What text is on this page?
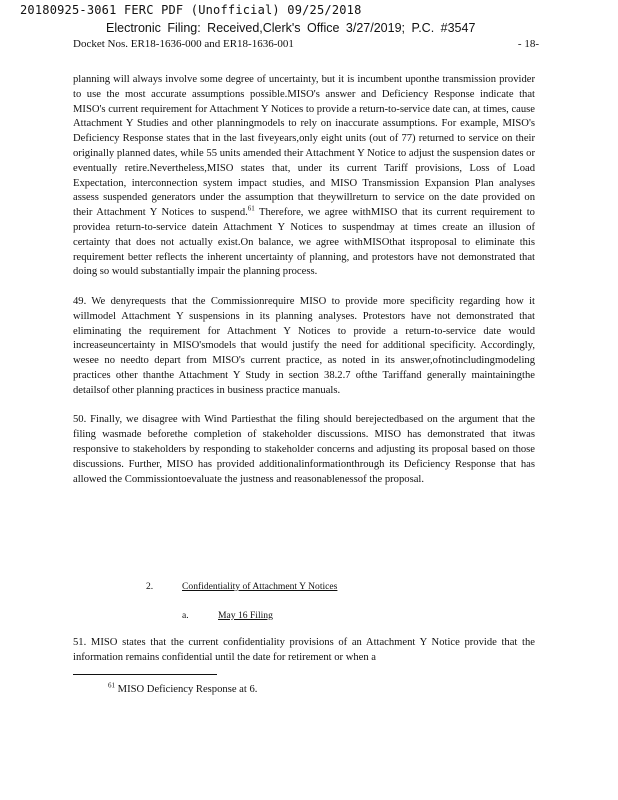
20180925-3061 FERC PDF (Unofficial) 09/25/2018
Electronic Filing: Received,Clerk's Office 3/27/2019; P.C. #3547
Docket Nos. ER18-1636-000 and ER18-1636-001	- 18-

planning will always involve some degree of uncertainty, but it is incumbent uponthe transmission provider to use the most accurate assumptions possible.MISO's answer and Deficiency Response indicate that MISO's current requirement for Attachment Y Notices to provide a return-to-service date can, at times, cause Attachment Y Studies and other planningmodels to rely on inaccurate assumptions. For example, MISO's Deficiency Response states that in the last fiveyears,only eight units (out of 77) returned to service on their originally planned dates, while 55 units amended their Attachment Y Notice to adjust the suspension dates or eventually retire.Nevertheless,MISO states that, under its current Tariff provisions, Loss of Load Expectation, interconnection system impact studies, and MISO Transmission Expansion Plan analyses assess suspended generators under the assumption that theywillreturn to service on the date provided on their Attachment Y Notices to suspend.$^{61}$ Therefore, we agree withMISO that its current requirement to providea return-to-service datein Attachment Y Notices to suspendmay at times create an illusion of certainty that does not actually exist.On balance, we agree withMISOthat itsproposal to eliminate this requirement better reflects the inherent uncertainty of planning, and protestors have not demonstrated that doing so would substantially impair the planning process.

49. We denyrequests that the Commissionrequire MISO to provide more specificity regarding how it willmodel Attachment Y suspensions in its planning analyses. Protestors have not demonstrated that eliminating the requirement for Attachment Y Notices to provide a return-to-service date would increaseuncertainty in MISO'smodels that would justify the need for additional specificity. Accordingly, wesee no needto depart from MISO's current practice, as noted in its answer,ofnotincludingmodeling practices other thanthe Attachment Y Study in section 38.2.7 ofthe Tariffand generally maintainingthe detailsof other planning practices in business practice manuals.

50. Finally, we disagree with Wind Partiesthat the filing should berejectedbased on the argument that the filing wasmade beforethe completion of stakeholder discussions. MISO has demonstrated that itwas responsive to stakeholders by responding to stakeholder concerns and adjusting its proposal based on those discussions. Further, MISO has provided additionalinformationthrough its Deficiency Response that has allowed the Commissiontoevaluate the justness and reasonablenessof the proposal.

2.	Confidentiality of Attachment Y Notices
a.	May 16 Filing

51. MISO states that the current confidentiality provisions of an Attachment Y Notice provide that the information remains confidential until the date for retirement or when a

$^{61}$ MISO Deficiency Response at 6.
